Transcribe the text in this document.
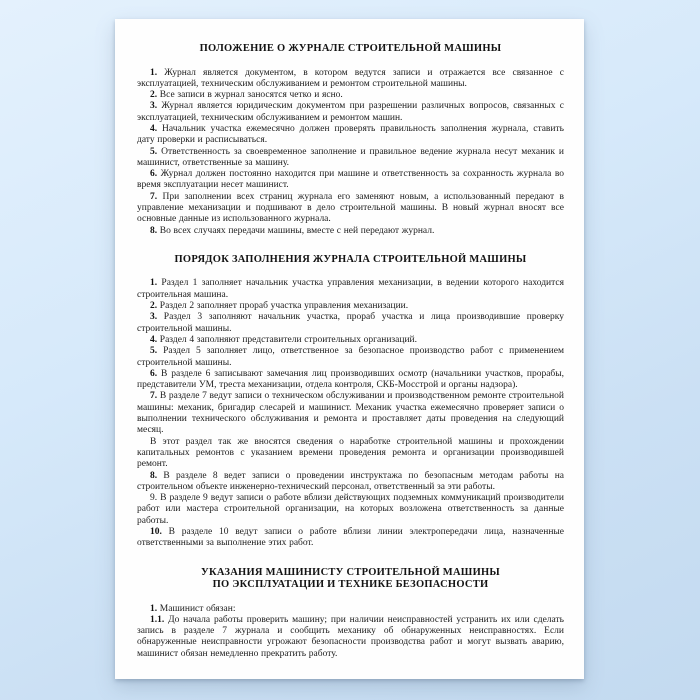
ПОЛОЖЕНИЕ О ЖУРНАЛЕ СТРОИТЕЛЬНОЙ МАШИНЫ

1. Журнал является документом, в котором ведутся записи и отражается все связанное с эксплуатацией, техническим обслуживанием и ремонтом строительной машины.

2. Все записи в журнал заносятся четко и ясно.

3. Журнал является юридическим документом при разрешении различных вопросов, связанных с эксплуатацией, техническим обслуживанием и ремонтом машин.

4. Начальник участка ежемесячно должен проверять правильность заполнения журнала, ставить дату проверки и расписываться.

5. Ответственность за своевременное заполнение и правильное ведение журнала несут механик и машинист, ответственные за машину.

6. Журнал должен постоянно находится при машине и ответственность за сохранность журнала во время эксплуатации несет машинист.

7. При заполнении всех страниц журнала его заменяют новым, а использованный передают в управление механизации и подшивают в дело строительной машины. В новый журнал вносят все основные данные из использованного журнала.

8. Во всех случаях передачи машины, вместе с ней передают журнал.

ПОРЯДОК ЗАПОЛНЕНИЯ ЖУРНАЛА СТРОИТЕЛЬНОЙ МАШИНЫ

1. Раздел 1 заполняет начальник участка управления механизации, в ведении которого находится строительная машина.

2. Раздел 2 заполняет прораб участка управления механизации.

3. Раздел 3 заполняют начальник участка, прораб участка и лица производившие проверку строительной машины.

4. Раздел 4 заполняют представители строительных организаций.

5. Раздел 5 заполняет лицо, ответственное за безопасное производство работ с применением строительной машины.

6. В разделе 6 записывают замечания лиц производивших осмотр (начальники участков, прорабы, представители УМ, треста механизации, отдела контроля, СКБ-Мосстрой и органы надзора).

7. В разделе 7 ведут записи о техническом обслуживании и производственном ремонте строительной машины: механик, бригадир слесарей и машинист. Механик участка ежемесячно проверяет записи о выполнении технического обслуживания и ремонта и проставляет даты проведения на следующий месяц.

В этот раздел так же вносятся сведения о наработке строительной машины и прохождении капитальных ремонтов с указанием времени проведения ремонта и организации производившей ремонт.

8. В разделе 8 ведет записи о проведении инструктажа по безопасным методам работы на строительном объекте инженерно-технический персонал, ответственный за эти работы.

9. В разделе 9 ведут записи о работе вблизи действующих подземных коммуникаций производители работ или мастера строительной организации, на которых возложена ответственность за данные работы.

10. В разделе 10 ведут записи о работе вблизи линии электропередачи лица, назначенные ответственными за выполнение этих работ.

УКАЗАНИЯ МАШИНИСТУ СТРОИТЕЛЬНОЙ МАШИНЫ
ПО ЭКСПЛУАТАЦИИ И ТЕХНИКЕ БЕЗОПАСНОСТИ

1. Машинист обязан:

1.1. До начала работы проверить машину; при наличии неисправностей устранить их или сделать запись в разделе 7 журнала и сообщить механику об обнаруженных неисправностях. Если обнаруженные неисправности угрожают безопасности производства работ и могут вызвать аварию, машинист обязан немедленно прекратить работу.
